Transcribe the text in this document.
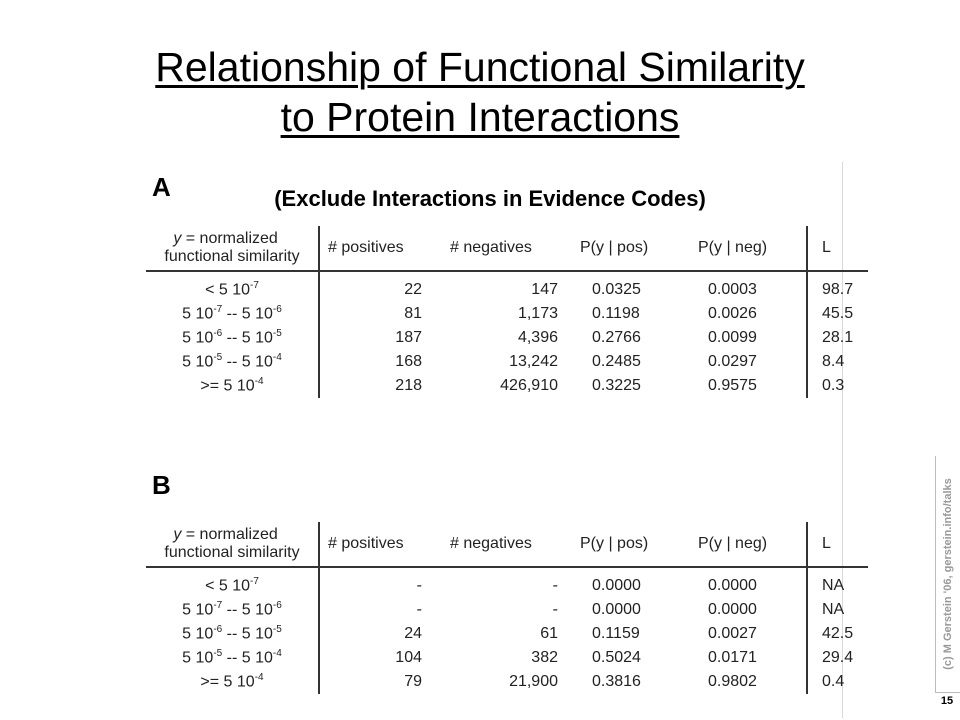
Relationship of Functional Similarity
to Protein Interactions
(Exclude Interactions in Evidence Codes)
A
B
y = normalized
functional similarity	# positives	# negatives	P(y | pos)	P(y | neg)	L
< 5 $10^{-7}$	22	147	0.0325	0.0003	98.7
5 $10^{-7} -- 5$ $10^{-6}$	81	1,173	0.1198	0.0026	45.5
5 $10^{-6} -- 5$ $10^{-5}$	187	4,396	0.2766	0.0099	28.1
5 $10^{-5} -- 5$ $10^{-4}$	168	13,242	0.2485	0.0297	8.4
>= 5 $10^{-4}$	218	426,910	0.3225	0.9575	0.3
y = normalized
functional similarity	# positives	# negatives	P(y | pos)	P(y | neg)	L
< 5 $10^{-7}$	-	-	0.0000	0.0000	NA
5 $10^{-7} -- 5$ $10^{-6}$	-	-	0.0000	0.0000	NA
5 $10^{-6} -- 5$ $10^{-5}$	24	61	0.1159	0.0027	42.5
5 $10^{-5} -- 5$ $10^{-4}$	104	382	0.5024	0.0171	29.4
>= 5 $10^{-4}$	79	21,900	0.3816	0.9802	0.4
(c) M Gerstein '06, gerstein.info/talks
15
